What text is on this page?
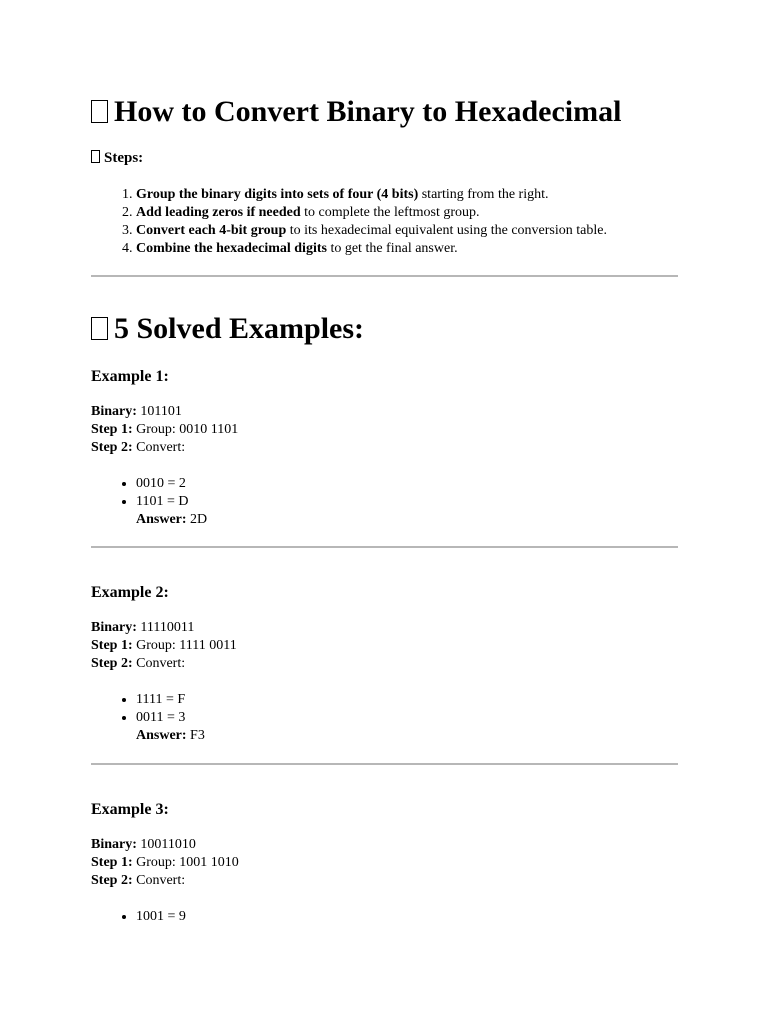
How to Convert Binary to Hexadecimal
Steps:
1. Group the binary digits into sets of four (4 bits) starting from the right.
2. Add leading zeros if needed to complete the leftmost group.
3. Convert each 4-bit group to its hexadecimal equivalent using the conversion table.
4. Combine the hexadecimal digits to get the final answer.
5 Solved Examples:
Example 1:
Binary: 101101
Step 1: Group: 0010 1101
Step 2: Convert:
• 0010 = 2
• 1101 = D
Answer: 2D
Example 2:
Binary: 11110011
Step 1: Group: 1111 0011
Step 2: Convert:
• 1111 = F
• 0011 = 3
Answer: F3
Example 3:
Binary: 10011010
Step 1: Group: 1001 1010
Step 2: Convert:
• 1001 = 9
